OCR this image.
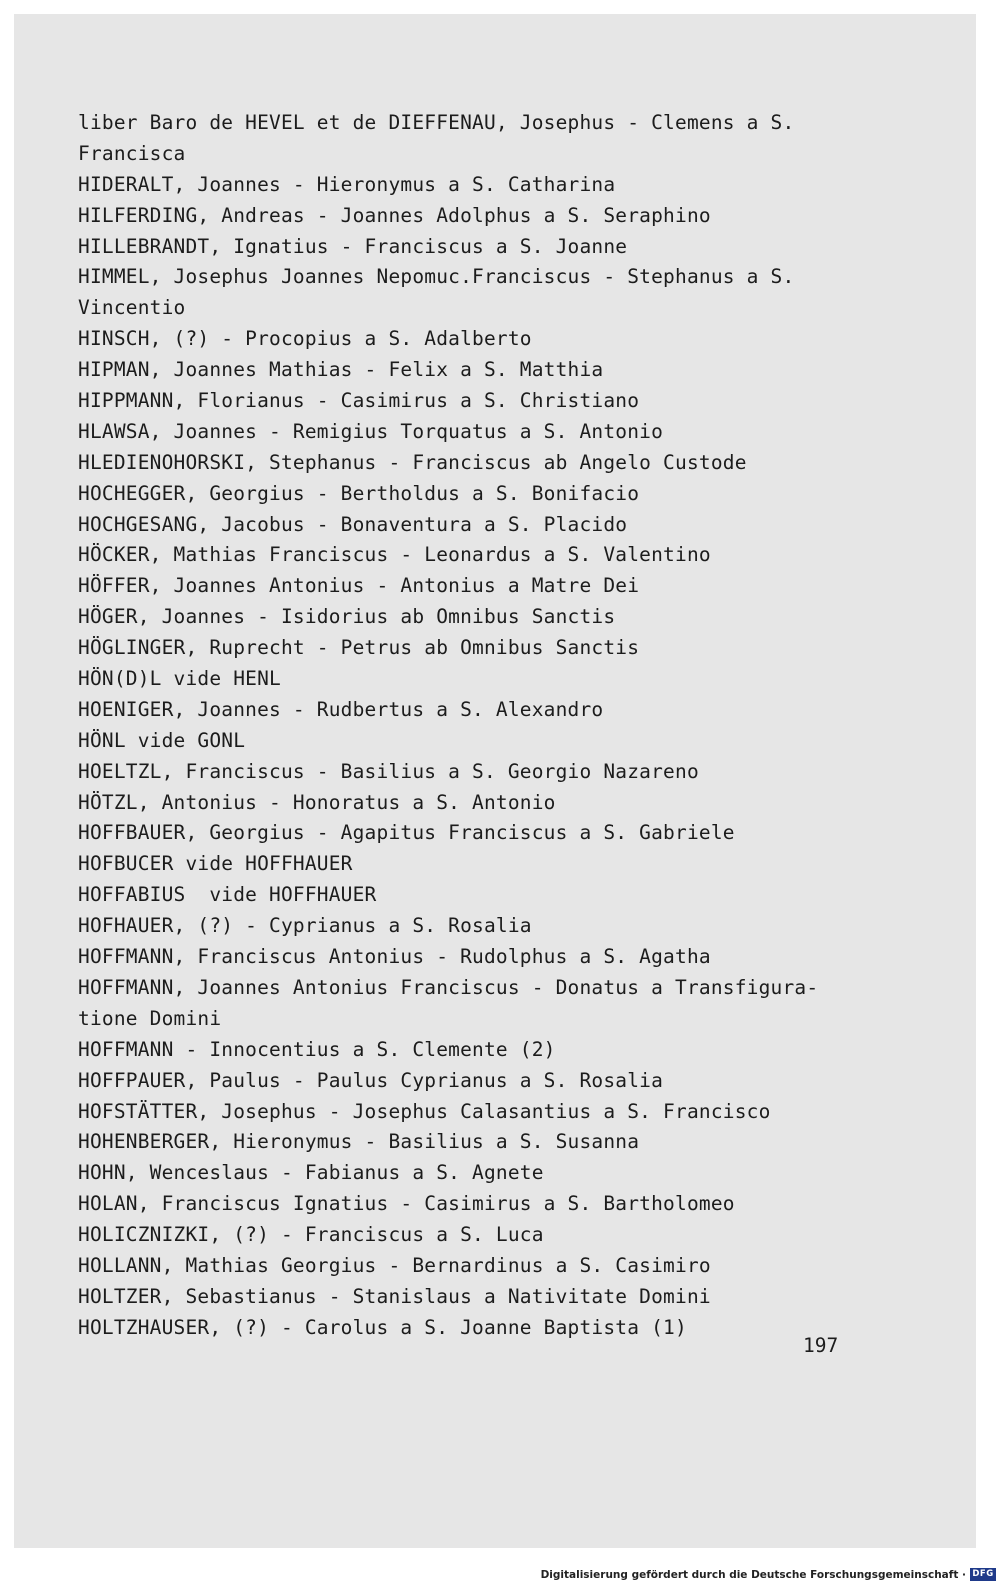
liber Baro de HEVEL et de DIEFFENAU, Josephus - Clemens a S.
Francisca
HIDERALT, Joannes - Hieronymus a S. Catharina
HILFERDING, Andreas - Joannes Adolphus a S. Seraphino
HILLEBRANDT, Ignatius - Franciscus a S. Joanne
HIMMEL, Josephus Joannes Nepomuc.Franciscus - Stephanus a S.
Vincentio
HINSCH, (?) - Procopius a S. Adalberto
HIPMAN, Joannes Mathias - Felix a S. Matthia
HIPPMANN, Florianus - Casimirus a S. Christiano
HLAWSA, Joannes - Remigius Torquatus a S. Antonio
HLEDIENOHORSKI, Stephanus - Franciscus ab Angelo Custode
HOCHEGGER, Georgius - Bertholdus a S. Bonifacio
HOCHGESANG, Jacobus - Bonaventura a S. Placido
HÖCKER, Mathias Franciscus - Leonardus a S. Valentino
HÖFFER, Joannes Antonius - Antonius a Matre Dei
HÖGER, Joannes - Isidorius ab Omnibus Sanctis
HÖGLINGER, Ruprecht - Petrus ab Omnibus Sanctis
HÖN(D)L vide HENL
HOENIGER, Joannes - Rudbertus a S. Alexandro
HÖNL vide GONL
HOELTZL, Franciscus - Basilius a S. Georgio Nazareno
HÖTZL, Antonius - Honoratus a S. Antonio
HOFFBAUER, Georgius - Agapitus Franciscus a S. Gabriele
HOFBUCER vide HOFFHAUER
HOFFABIUS  vide HOFFHAUER
HOFHAUER, (?) - Cyprianus a S. Rosalia
HOFFMANN, Franciscus Antonius - Rudolphus a S. Agatha
HOFFMANN, Joannes Antonius Franciscus - Donatus a Transfigura-
tione Domini
HOFFMANN - Innocentius a S. Clemente (2)
HOFFPAUER, Paulus - Paulus Cyprianus a S. Rosalia
HOFSTÄTTER, Josephus - Josephus Calasantius a S. Francisco
HOHENBERGER, Hieronymus - Basilius a S. Susanna
HOHN, Wenceslaus - Fabianus a S. Agnete
HOLAN, Franciscus Ignatius - Casimirus a S. Bartholomeo
HOLICZNIZKI, (?) - Franciscus a S. Luca
HOLLANN, Mathias Georgius - Bernardinus a S. Casimiro
HOLTZER, Sebastianus - Stanislaus a Nativitate Domini
HOLTZHAUSER, (?) - Carolus a S. Joanne Baptista (1)
197
Digitalisierung gefördert durch die Deutsche Forschungsgemeinschaft · DFG
